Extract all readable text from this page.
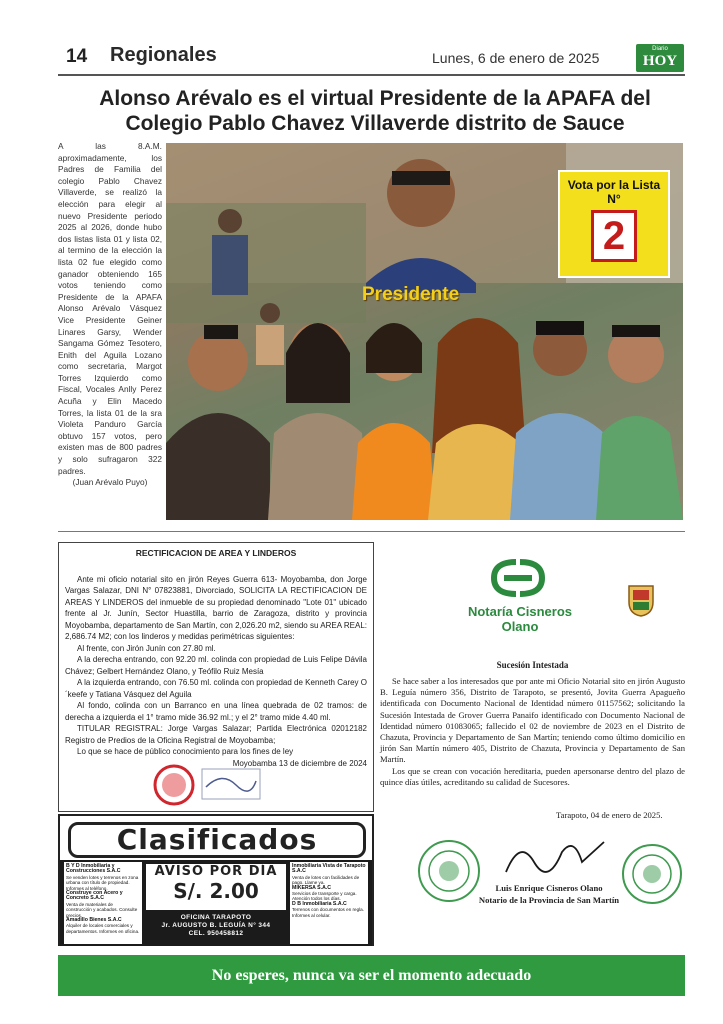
14 Regionales	Lunes, 6 de enero de 2025
Diario
HOY
Alonso Arévalo es el virtual Presidente de la APAFA del Colegio Pablo Chavez Villaverde distrito de Sauce
A las 8.A.M. aproximadamente, los Padres de Familia del colegio Pablo Chavez Villaverde, se realizó la elección para elegir al nuevo Presidente periodo 2025 al 2026, donde hubo dos listas lista 01 y lista 02, al termino de la elección la lista 02 fue elegido como ganador obteniendo 165 votos teniendo como Presidente de la APAFA Alonso Arévalo Vásquez Vice Presidente Geiner Linares Garsy, Wender Sangama Gómez Tesotero, Enith del Aguila Lozano como secretaria, Margot Torres Izquierdo como Fiscal, Vocales Anlly Perez Acuña y Elin Macedo Torres, la lista 01 de la sra Violeta Panduro García obtuvo 157 votos, pero existen mas de 800 padres y solo sufragaron 322 padres.
(Juan Arévalo Puyo)
Presidente
Vota por la Lista N°
2
RECTIFICACION DE AREA Y LINDEROS

Ante mi oficio notarial sito en jirón Reyes Guerra 613- Moyobamba, don Jorge Vargas Salazar, DNI N° 07823881, Divorciado, SOLICITA LA RECTIFICACION DE AREAS Y LINDEROS del inmueble de su propiedad denominado "Lote 01" ubicado frente al Jr. Junín, Sector Huastilla, barrio de Zaragoza, distrito y provincia Moyobamba, departamento de San Martín, con 2,026.20 m2, siendo su AREA REAL: 2,686.74 M2; con los linderos y medidas perimétricas siguientes:

Al frente, con Jirón Junín con 27.80 ml.

A la derecha entrando, con 92.20 ml. colinda con propiedad de Luis Felipe Dávila Chávez; Gelbert Hernández Olano, y Teófilo Ruiz Mesía

A la izquierda entrando, con 76.50 ml. colinda con propiedad de Kenneth Carey O´keefe y Tatiana Vásquez del Aguila

Al fondo, colinda con un Barranco en una línea quebrada de 02 tramos: de derecha a izquierda el 1° tramo mide 36.92 ml.; y el 2° tramo mide 4.40 ml.

TITULAR REGISTRAL: Jorge Vargas Salazar; Partida Electrónica 02012182 Registro de Predios de la Oficina Registral de Moyobamba;

Lo que se hace de público conocimiento para los fines de ley

Moyobamba 13 de diciembre de 2024

Notaría Cisneros Olano
Sucesión Intestada

Se hace saber a los interesados que por ante mi Oficio Notarial sito en jirón Augusto B. Leguía número 356, Distrito de Tarapoto, se presentó, Jovita Guerra Apagueño identificada con Documento Nacional de Identidad número 01157562; solicitando la Sucesión Intestada de Grover Guerra Panaifo identificado con Documento Nacional de Identidad número 01083065; fallecido el 02 de noviembre de 2023 en el Distrito de Chazuta, Provincia y Departamento de San Martín; teniendo como último domicilio en jirón San Martín número 405, Distrito de Chazuta, Provincia y Departamento de San Martín.

Los que se crean con vocación hereditaria, pueden apersonarse dentro del plazo de quince días útiles, acreditando su calidad de Sucesores.

Tarapoto, 04 de enero de 2025.
Luis Enrique Cisneros Olano
Notario de la Provincia de San Martín
Clasificados
B Y D Inmobiliaria y Construcciones S.A.C
Se venden lotes y terrenos en zona urbana con título de propiedad. Informes al teléfono.
Construye con Acero y Concreto S.A.C
Venta de materiales de construcción y acabados. Consulte precios.
Amadillo Bienes S.A.C
Alquiler de locales comerciales y departamentos. Informes en oficina.
AVISO POR DÍA
S/. 2.00
OFICINA TARAPOTO
Jr. AUGUSTO B. LEGUÍA N° 344
CEL. 950458812
Inmobiliaria Vista de Tarapoto S.A.C
Venta de lotes con facilidades de pago. Llame ya.
MIKERSA S.A.C
Servicios de transporte y carga. Atención todos los días.
D B Inmobiliaria S.A.C
Terrenos con documentos en regla. Informes al celular.
No esperes, nunca va ser el momento adecuado
